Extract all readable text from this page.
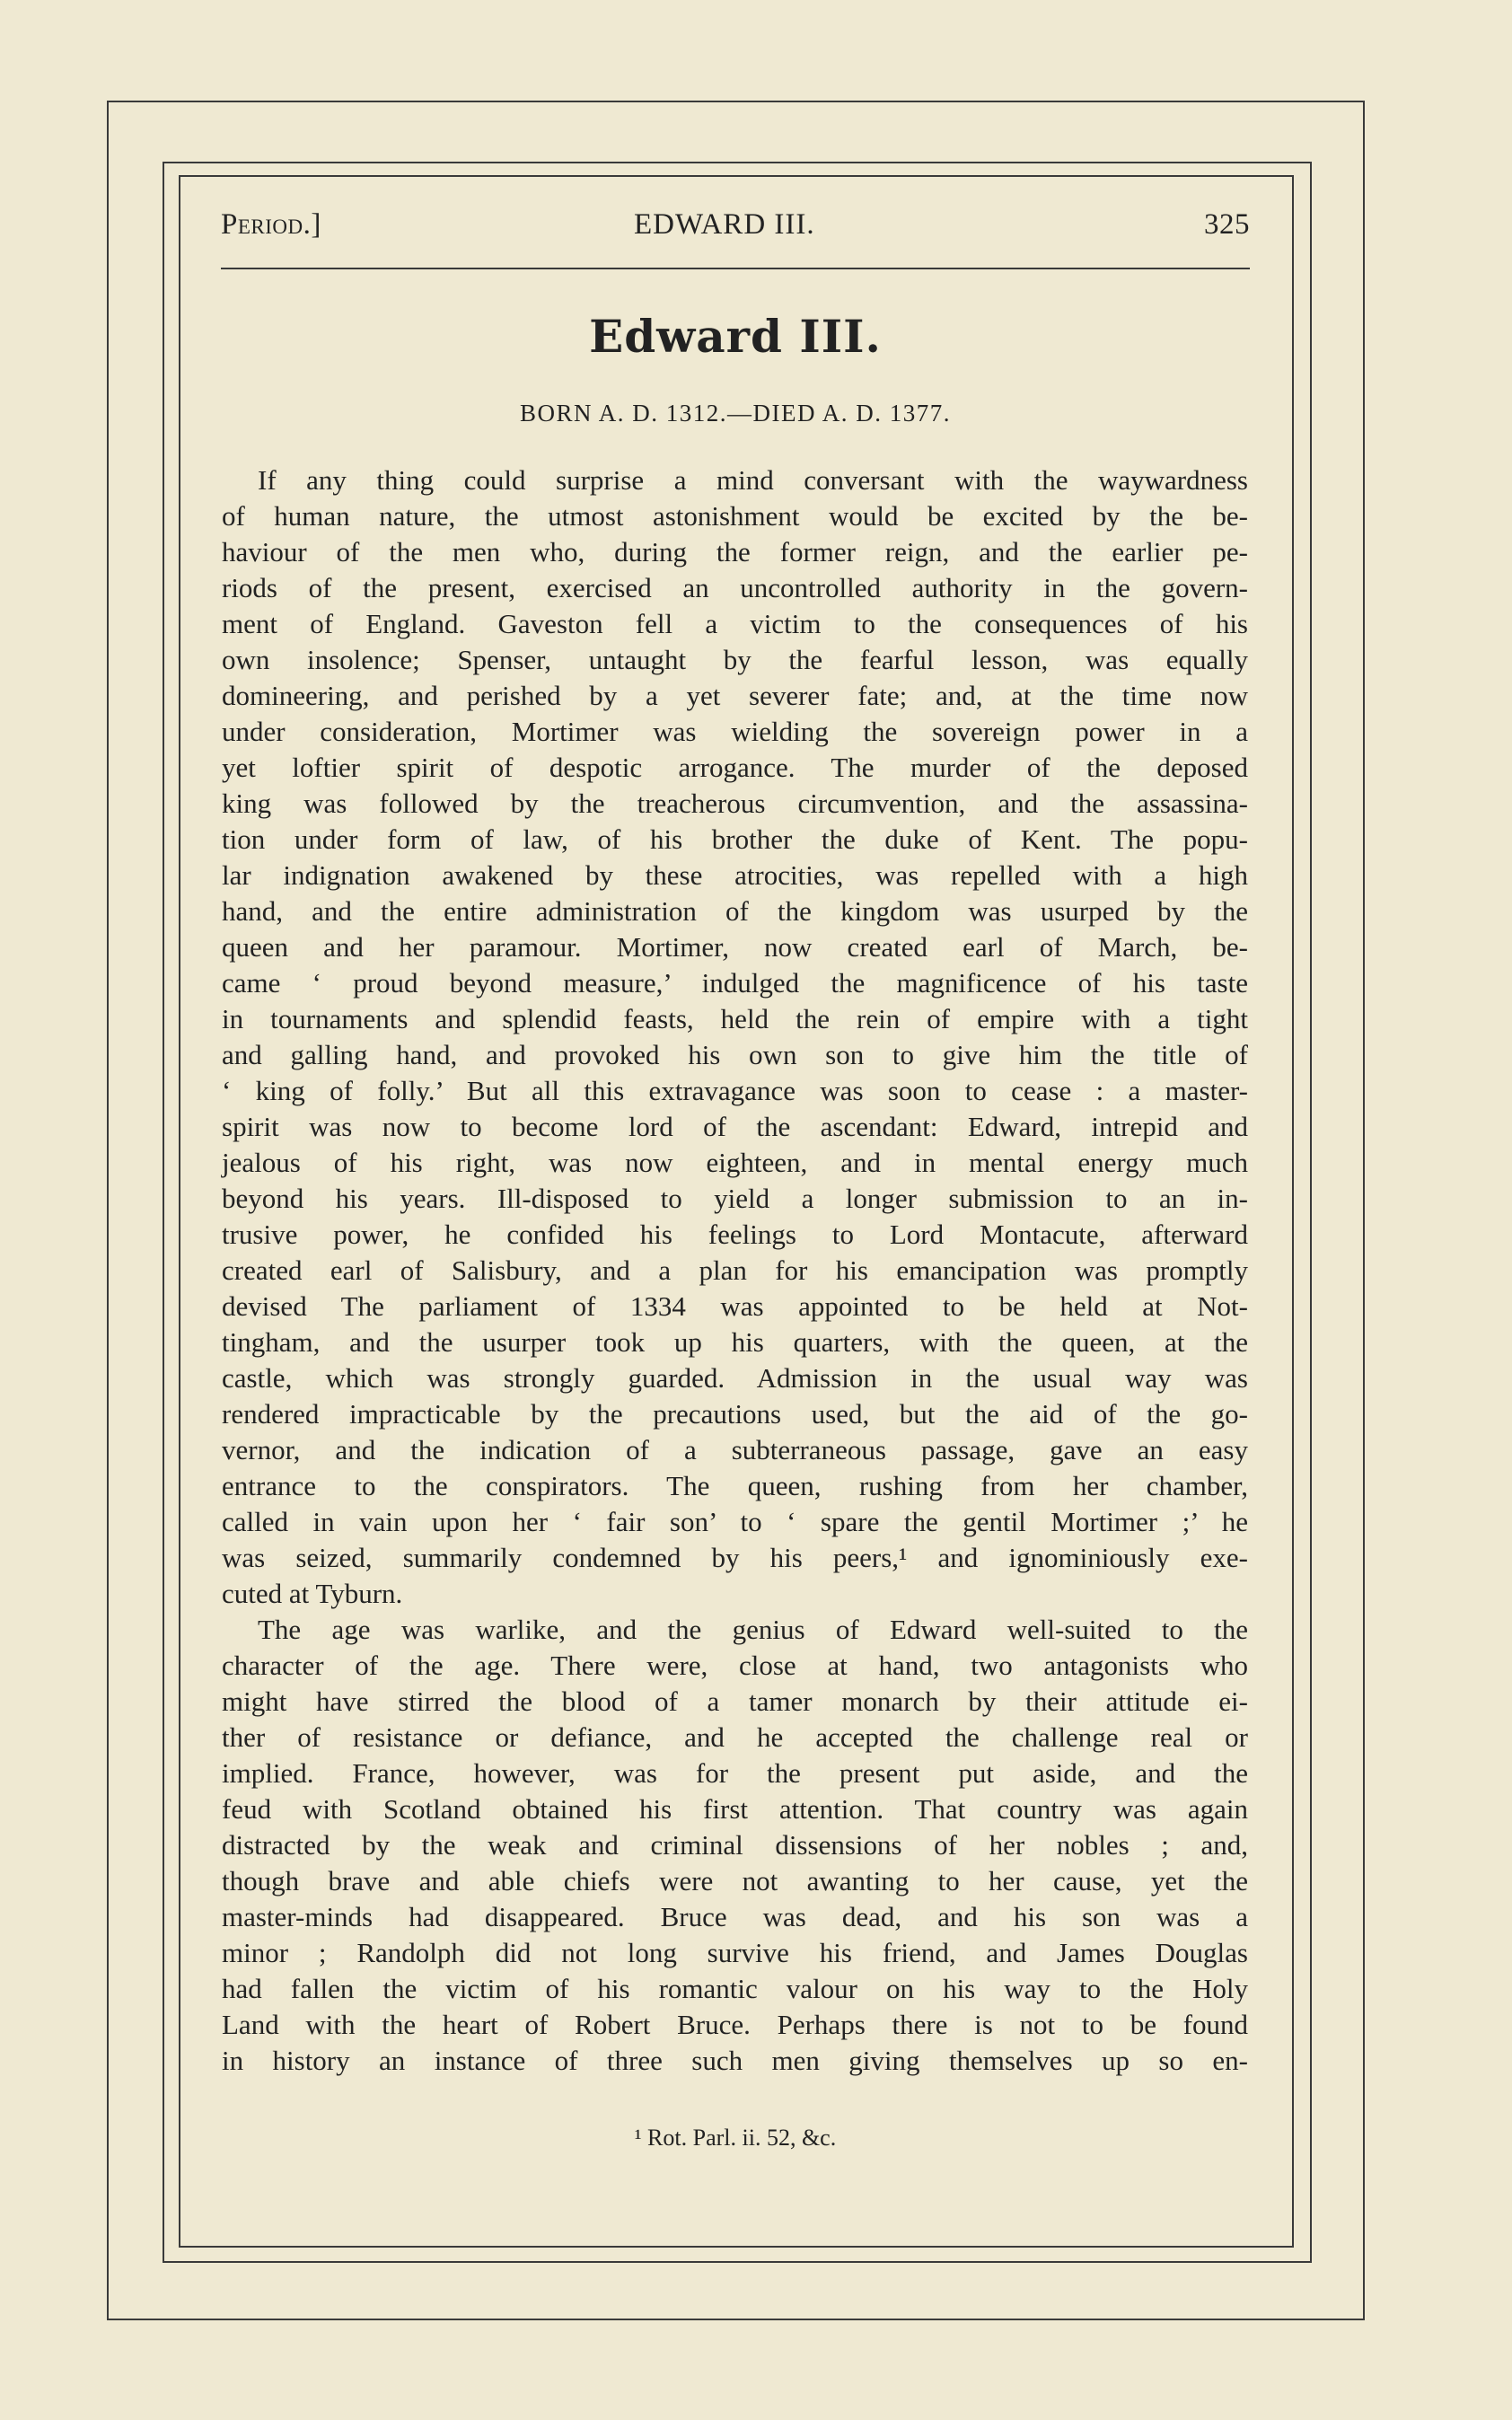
Period.]	EDWARD III.	325
Edward III.
BORN A. D. 1312.—DIED A. D. 1377.
If any thing could surprise a mind conversant with the waywardness
of human nature, the utmost astonishment would be excited by the be-
haviour of the men who, during the former reign, and the earlier pe-
riods of the present, exercised an uncontrolled authority in the govern-
ment of England. Gaveston fell a victim to the consequences of his
own insolence; Spenser, untaught by the fearful lesson, was equally
domineering, and perished by a yet severer fate; and, at the time now
under consideration, Mortimer was wielding the sovereign power in a
yet loftier spirit of despotic arrogance. The murder of the deposed
king was followed by the treacherous circumvention, and the assassina-
tion under form of law, of his brother the duke of Kent. The popu-
lar indignation awakened by these atrocities, was repelled with a high
hand, and the entire administration of the kingdom was usurped by the
queen and her paramour. Mortimer, now created earl of March, be-
came ‘ proud beyond measure,’ indulged the magnificence of his taste
in tournaments and splendid feasts, held the rein of empire with a tight
and galling hand, and provoked his own son to give him the title of
‘ king of folly.’ But all this extravagance was soon to cease : a master-
spirit was now to become lord of the ascendant: Edward, intrepid and
jealous of his right, was now eighteen, and in mental energy much
beyond his years. Ill-disposed to yield a longer submission to an in-
trusive power, he confided his feelings to Lord Montacute, afterward
created earl of Salisbury, and a plan for his emancipation was promptly
devised The parliament of 1334 was appointed to be held at Not-
tingham, and the usurper took up his quarters, with the queen, at the
castle, which was strongly guarded. Admission in the usual way was
rendered impracticable by the precautions used, but the aid of the go-
vernor, and the indication of a subterraneous passage, gave an easy
entrance to the conspirators. The queen, rushing from her chamber,
called in vain upon her ‘ fair son’ to ‘ spare the gentil Mortimer ;’ he
was seized, summarily condemned by his peers,¹ and ignominiously exe-
cuted at Tyburn.
The age was warlike, and the genius of Edward well-suited to the
character of the age. There were, close at hand, two antagonists who
might have stirred the blood of a tamer monarch by their attitude ei-
ther of resistance or defiance, and he accepted the challenge real or
implied. France, however, was for the present put aside, and the
feud with Scotland obtained his first attention. That country was again
distracted by the weak and criminal dissensions of her nobles ; and,
though brave and able chiefs were not awanting to her cause, yet the
master-minds had disappeared. Bruce was dead, and his son was a
minor ; Randolph did not long survive his friend, and James Douglas
had fallen the victim of his romantic valour on his way to the Holy
Land with the heart of Robert Bruce. Perhaps there is not to be found
in history an instance of three such men giving themselves up so en-
¹ Rot. Parl. ii. 52, &c.
